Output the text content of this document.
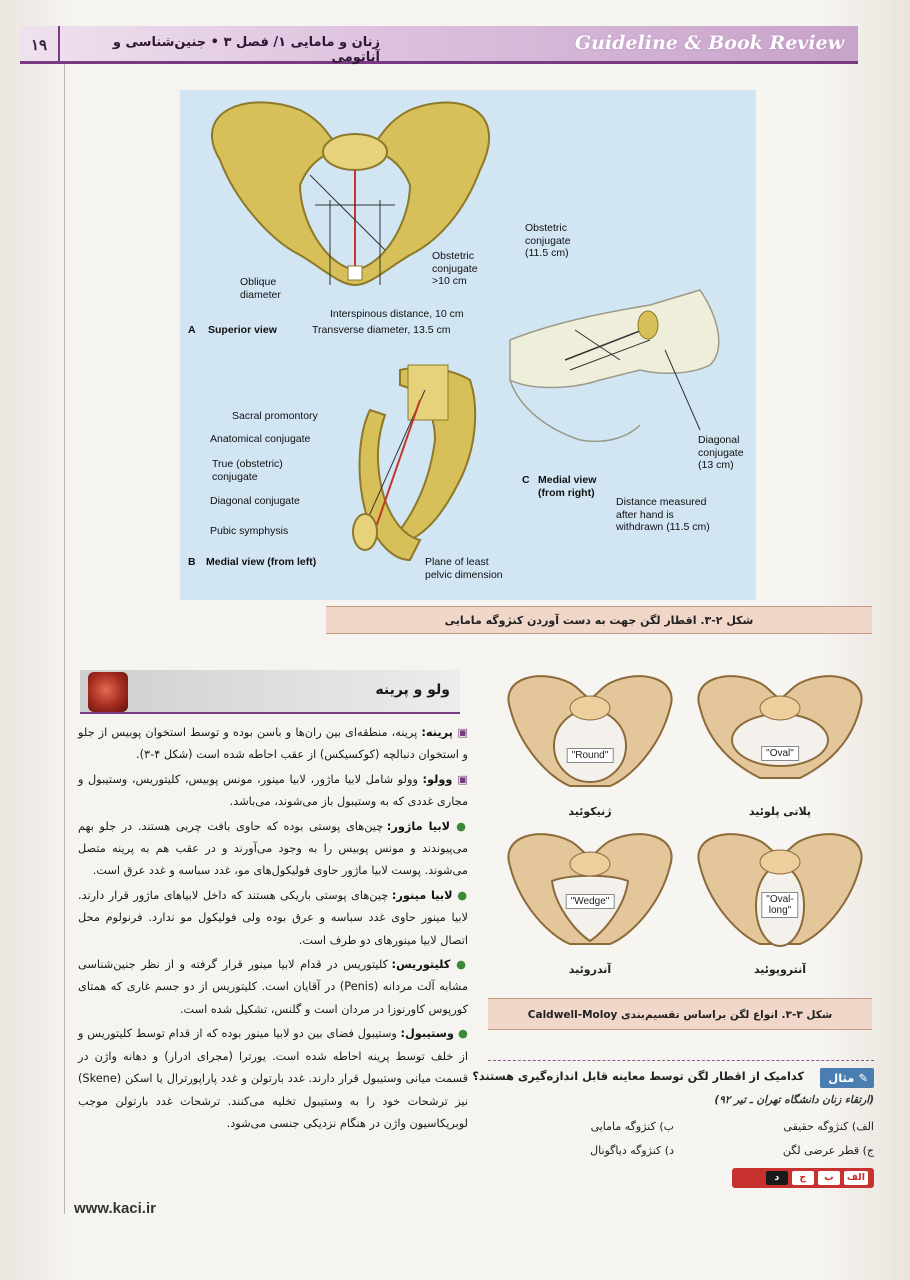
۱۹	زنان و مامایی ۱/ فصل ۳ • جنین‌شناسی و آناتومی
Guideline & Book Review
Oblique
diameter
Obstetric
conjugate
>10 cm
Interspinous distance, 10 cm
Transverse diameter, 13.5 cm
A Superior view
Sacral promontory
Anatomical conjugate
True (obstetric)
conjugate
Diagonal conjugate
Pubic symphysis
Plane of least
pelvic dimension
B Medial view (from left)
Obstetric
conjugate
(11.5 cm)
Diagonal
conjugate
(13 cm)
Distance measured
after hand is
withdrawn (11.5 cm)
C Medial view
(from right)
شکل ۲-۳. اقطار لگن جهت به دست آوردن کنژوگه مامایی
ولو و پرینه

▣ پرینه: پرینه، منطقه‌ای بین ران‌ها و باسن بوده و توسط استخوان پوبیس از جلو و استخوان دنبالچه (کوکسیکس) از عقب احاطه شده است (شکل ۴-۳).

▣ وولو: وولو شامل لابیا ماژور، لابیا مینور، مونس پوبیس، کلیتوریس، وستیبول و مجاری غددی که به وستیبول باز می‌شوند، می‌باشد.

● لابیا ماژور: چین‌های پوستی بوده که حاوی بافت چربی هستند. در جلو بهم می‌پیوندند و مونس پوبیس را به وجود می‌آورند و در عقب هم به پرینه متصل می‌شوند. پوست لابیا ماژور حاوی فولیکول‌های مو، غدد سباسه و غدد عرق است.

● لابیا مینور: چین‌های پوستی باریکی هستند که داخل لابیاهای ماژور قرار دارند. لابیا مینور حاوی غدد سباسه و عرق بوده ولی فولیکول مو ندارد. فرنولوم محل اتصال لابیا مینورهای دو طرف است.

● کلیتوریس: کلیتوریس در قدام لابیا مینور قرار گرفته و از نظر جنین‌شناسی مشابه آلت مردانه (Penis) در آقایان است. کلیتوریس از دو جسم غاری که همتای کورپوس کاورنوزا در مردان است و گلنس، تشکیل شده است.

● وستیبول: وستیبول فضای بین دو لابیا مینور بوده که از قدام توسط کلیتوریس و از خلف توسط پرینه احاطه شده است. یورترا (مجرای ادرار) و دهانه واژن در قسمت میانی وستیبول قرار دارند. غدد بارتولن و غدد پاراپورترال یا اسکن (Skene) نیز ترشحات خود را به وستیبول تخلیه می‌کنند. ترشحات غدد بارتولن موجب لوبریکاسیون واژن در هنگام نزدیکی جنسی می‌شود.

www.kaci.ir
"Oval"
پلاتی پلوئید
"Round"
ژنیکوئید
"Oval-
long"
آنتروپوئید
"Wedge"
آندروئید
شکل ۳-۳. انواع لگن براساس تقسیم‌بندی Caldwell-Moloy
✎ مثال
کدامیک از اقطار لگن توسط معاینه قابل اندازه‌گیری هستند؟
(ارتقاء زنان دانشگاه تهران ـ تیر ۹۲)
الف) کنژوگه حقیقی
ب) کنژوگه مامایی
ج) قطر عرضی لگن
د) کنژوگه دیاگونال
الف
ب
ج
د
